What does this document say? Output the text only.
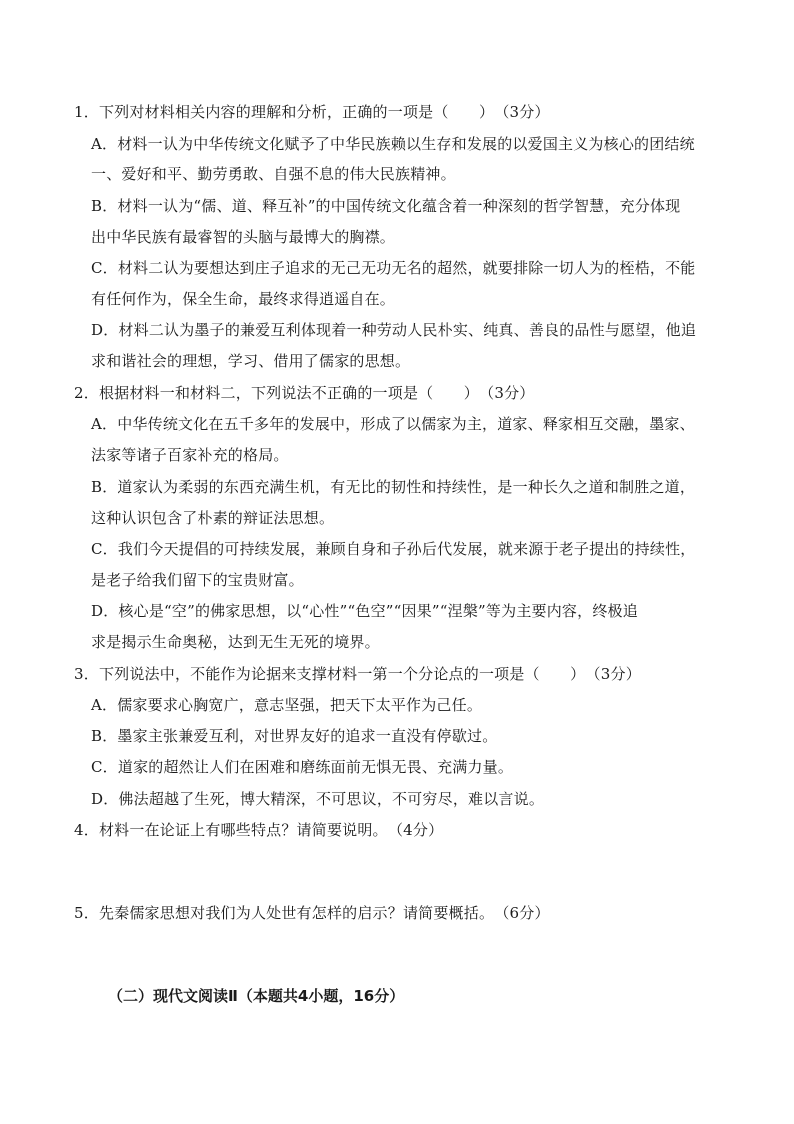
1．下列对材料相关内容的理解和分析，正确的一项是（　　）　（3分）
A．材料一认为中华传统文化赋予了中华民族赖以生存和发展的以爱国主义为核心的团结统
一、爱好和平、勤劳勇敢、自强不息的伟大民族精神。
B．材料一认为“儒、道、释互补”的中国传统文化蕴含着一种深刻的哲学智慧，充分体现
出中华民族有最睿智的头脑与最博大的胸襟。
C．材料二认为要想达到庄子追求的无己无功无名的超然，就要排除一切人为的桎梏，不能
有任何作为，保全生命，最终求得逍遥自在。
D．材料二认为墨子的兼爱互利体现着一种劳动人民朴实、纯真、善良的品性与愿望，他追
求和谐社会的理想，学习、借用了儒家的思想。
2．根据材料一和材料二，下列说法不正确的一项是（　　）　（3分）
A．中华传统文化在五千多年的发展中，形成了以儒家为主，道家、释家相互交融，墨家、
法家等诸子百家补充的格局。
B．道家认为柔弱的东西充满生机，有无比的韧性和持续性，是一种长久之道和制胜之道，
这种认识包含了朴素的辩证法思想。
C．我们今天提倡的可持续发展，兼顾自身和子孙后代发展，就来源于老子提出的持续性，
是老子给我们留下的宝贵财富。
D．核心是“空”的佛家思想，以“心性”“色空”“因果”“涅槃”等为主要内容，终极追
求是揭示生命奥秘，达到无生无死的境界。
3．下列说法中，不能作为论据来支撑材料一第一个分论点的一项是（　　）　（3分）
A．儒家要求心胸宽广，意志坚强，把天下太平作为己任。
B．墨家主张兼爱互利，对世界友好的追求一直没有停歇过。
C．道家的超然让人们在困难和磨练面前无惧无畏、充满力量。
D．佛法超越了生死，博大精深，不可思议，不可穷尽，难以言说。
4．材料一在论证上有哪些特点？请简要说明。　（4分）
5．先秦儒家思想对我们为人处世有怎样的启示？请简要概括。　（6分）
（二）现代文阅读Ⅱ（本题共4小题，16分）
